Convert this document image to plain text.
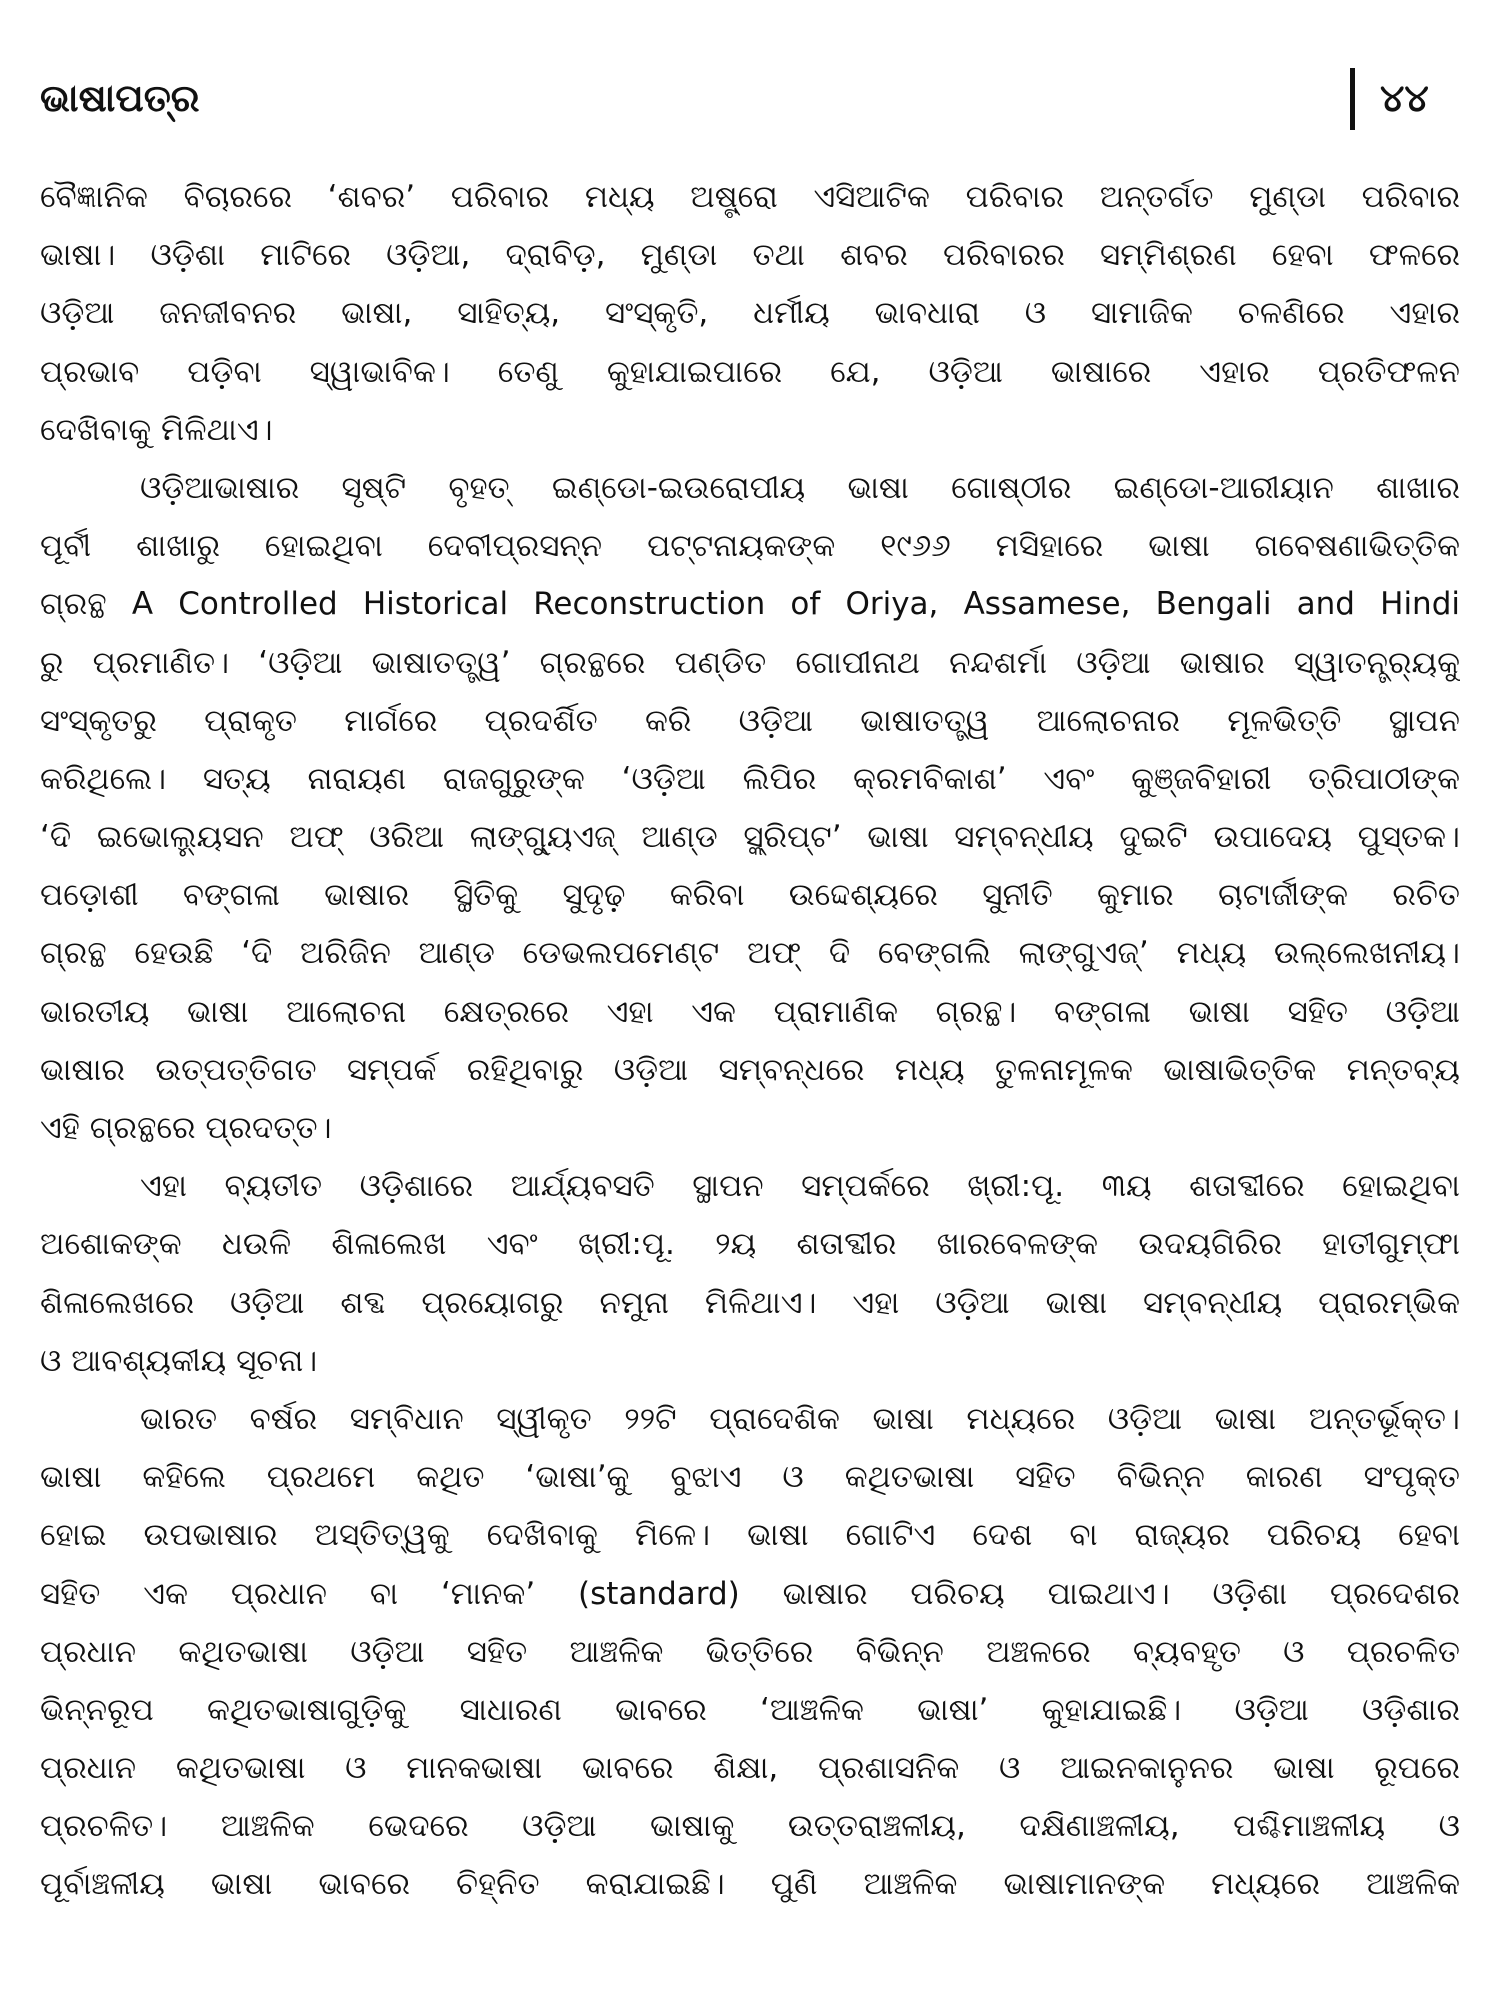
ଭାଷାପତ୍ର	୪୪
ବୈଜ୍ଞାନିକ ବିଚାରରେ ‘ଶବର’ ପରିବାର ମଧ୍ୟ ଅଷ୍ଟ୍ରୋ ଏସିଆଟିକ ପରିବାର ଅନ୍ତର୍ଗତ ମୁଣ୍ଡା ପରିବାର
ଭାଷା। ଓଡ଼ିଶା ମାଟିରେ ଓଡ଼ିଆ, ଦ୍ରାବିଡ଼, ମୁଣ୍ଡା ତଥା ଶବର ପରିବାରର ସମ୍ମିଶ୍ରଣ ହେବା ଫଳରେ
ଓଡ଼ିଆ ଜନଜୀବନର ଭାଷା, ସାହିତ୍ୟ, ସଂସ୍କୃତି, ଧର୍ମୀୟ ଭାବଧାରା ଓ ସାମାଜିକ ଚଳଣିରେ ଏହାର
ପ୍ରଭାବ ପଡ଼ିବା ସ୍ୱାଭାବିକ। ତେଣୁ କୁହାଯାଇପାରେ ଯେ, ଓଡ଼ିଆ ଭାଷାରେ ଏହାର ପ୍ରତିଫଳନ
ଦେଖିବାକୁ ମିଳିଥାଏ।
ଓଡ଼ିଆଭାଷାର ସୃଷ୍ଟି ବୃହତ୍ ଇଣ୍ଡୋ-ଇଉରୋପୀୟ ଭାଷା ଗୋଷ୍ଠୀର ଇଣ୍ଡୋ-ଆରୀୟାନ ଶାଖାର
ପୂର୍ବୀ ଶାଖାରୁ ହୋଇଥିବା ଦେବୀପ୍ରସନ୍ନ ପଟ୍ଟନାୟକଙ୍କ ୧୯୬୬ ମସିହାରେ ଭାଷା ଗବେଷଣାଭିତ୍ତିକ
ଗ୍ରନ୍ଥ A Controlled Historical Reconstruction of Oriya, Assamese, Bengali and Hindi
ରୁ ପ୍ରମାଣିତ। ‘ଓଡ଼ିଆ ଭାଷାତତ୍ତ୍ୱ’ ଗ୍ରନ୍ଥରେ ପଣ୍ଡିତ ଗୋପୀନାଥ ନନ୍ଦଶର୍ମା ଓଡ଼ିଆ ଭାଷାର ସ୍ୱାତନ୍ତ୍ର୍ୟକୁ
ସଂସ୍କୃତରୁ ପ୍ରାକୃତ ମାର୍ଗରେ ପ୍ରଦର୍ଶିତ କରି ଓଡ଼ିଆ ଭାଷାତତ୍ତ୍ୱ ଆଲୋଚନାର ମୂଳଭିତ୍ତି ସ୍ଥାପନ
କରିଥିଲେ। ସତ୍ୟ ନାରାୟଣ ରାଜଗୁରୁଙ୍କ ‘ଓଡ଼ିଆ ଲିପିର କ୍ରମବିକାଶ’ ଏବଂ କୁଞ୍ଜବିହାରୀ ତ୍ରିପାଠୀଙ୍କ
‘ଦି ଇଭୋଲ୍ୟୁସନ ଅଫ୍ ଓରିଆ ଲାଙ୍ଗ୍ୟୁଏଜ୍ ଆଣ୍ଡ ସ୍କ୍ରିପ୍ଟ’ ଭାଷା ସମ୍ବନ୍ଧୀୟ ଦୁଇଟି ଉପାଦେୟ ପୁସ୍ତକ।
ପଡ଼ୋଶୀ ବଙ୍ଗଳା ଭାଷାର ସ୍ଥିତିକୁ ସୁଦୃଢ଼ କରିବା ଉଦ୍ଦେଶ୍ୟରେ ସୁନୀତି କୁମାର ଚାଟାର୍ଜୀଙ୍କ ରଚିତ
ଗ୍ରନ୍ଥ ହେଉଛି ‘ଦି ଅରିଜିନ ଆଣ୍ଡ ଡେଭଲପମେଣ୍ଟ ଅଫ୍ ଦି ବେଙ୍ଗଲି ଲାଙ୍ଗୁଏଜ୍’ ମଧ୍ୟ ଉଲ୍ଲେଖନୀୟ।
ଭାରତୀୟ ଭାଷା ଆଲୋଚନା କ୍ଷେତ୍ରରେ ଏହା ଏକ ପ୍ରାମାଣିକ ଗ୍ରନ୍ଥ। ବଙ୍ଗଳା ଭାଷା ସହିତ ଓଡ଼ିଆ
ଭାଷାର ଉତ୍ପତ୍ତିଗତ ସମ୍ପର୍କ ରହିଥିବାରୁ ଓଡ଼ିଆ ସମ୍ବନ୍ଧରେ ମଧ୍ୟ ତୁଳନାମୂଳକ ଭାଷାଭିତ୍ତିକ ମନ୍ତବ୍ୟ
ଏହି ଗ୍ରନ୍ଥରେ ପ୍ରଦତ୍ତ।
ଏହା ବ୍ୟତୀତ ଓଡ଼ିଶାରେ ଆର୍ଯ୍ୟବସତି ସ୍ଥାପନ ସମ୍ପର୍କରେ ଖ୍ରୀ:ପୂ. ୩ୟ ଶତାବ୍ଦୀରେ ହୋଇଥିବା
ଅଶୋକଙ୍କ ଧଉଳି ଶିଳାଲେଖ ଏବଂ ଖ୍ରୀ:ପୂ. ୨ୟ ଶତାବ୍ଦୀର ଖାରବେଳଙ୍କ ଉଦୟଗିରିର ହାତୀଗୁମ୍ଫା
ଶିଳାଲେଖରେ ଓଡ଼ିଆ ଶବ୍ଦ ପ୍ରୟୋଗରୁ ନମୁନା ମିଳିଥାଏ। ଏହା ଓଡ଼ିଆ ଭାଷା ସମ୍ବନ୍ଧୀୟ ପ୍ରାରମ୍ଭିକ
ଓ ଆବଶ୍ୟକୀୟ ସୂଚନା।
ଭାରତ ବର୍ଷର ସମ୍ବିଧାନ ସ୍ୱୀକୃତ ୨୨ଟି ପ୍ରାଦେଶିକ ଭାଷା ମଧ୍ୟରେ ଓଡ଼ିଆ ଭାଷା ଅନ୍ତର୍ଭୂକ୍ତ।
ଭାଷା କହିଲେ ପ୍ରଥମେ କଥିତ ‘ଭାଷା’କୁ ବୁଝାଏ ଓ କଥିତଭାଷା ସହିତ ବିଭିନ୍ନ କାରଣ ସଂପୃକ୍ତ
ହୋଇ ଉପଭାଷାର ଅସ୍ତିତ୍ୱକୁ ଦେଖିବାକୁ ମିଳେ। ଭାଷା ଗୋଟିଏ ଦେଶ ବା ରାଜ୍ୟର ପରିଚୟ ହେବା
ସହିତ ଏକ ପ୍ରଧାନ ବା ‘ମାନକ’ (standard) ଭାଷାର ପରିଚୟ ପାଇଥାଏ। ଓଡ଼ିଶା ପ୍ରଦେଶର
ପ୍ରଧାନ କଥିତଭାଷା ଓଡ଼ିଆ ସହିତ ଆଞ୍ଚଳିକ ଭିତ୍ତିରେ ବିଭିନ୍ନ ଅଞ୍ଚଳରେ ବ୍ୟବହୃତ ଓ ପ୍ରଚଳିତ
ଭିନ୍ନରୂପ କଥିତଭାଷାଗୁଡ଼ିକୁ ସାଧାରଣ ଭାବରେ ‘ଆଞ୍ଚଳିକ ଭାଷା’ କୁହାଯାଇଛି। ଓଡ଼ିଆ ଓଡ଼ିଶାର
ପ୍ରଧାନ କଥିତଭାଷା ଓ ମାନକଭାଷା ଭାବରେ ଶିକ୍ଷା, ପ୍ରଶାସନିକ ଓ ଆଇନକାନୁନର ଭାଷା ରୂପରେ
ପ୍ରଚଳିତ। ଆଞ୍ଚଳିକ ଭେଦରେ ଓଡ଼ିଆ ଭାଷାକୁ ଉତ୍ତରାଞ୍ଚଳୀୟ, ଦକ୍ଷିଣାଞ୍ଚଳୀୟ, ପଶ୍ଚିମାଞ୍ଚଳୀୟ ଓ
ପୂର୍ବାଞ୍ଚଳୀୟ ଭାଷା ଭାବରେ ଚିହ୍ନିତ କରାଯାଇଛି। ପୁଣି ଆଞ୍ଚଳିକ ଭାଷାମାନଙ୍କ ମଧ୍ୟରେ ଆଞ୍ଚଳିକ
